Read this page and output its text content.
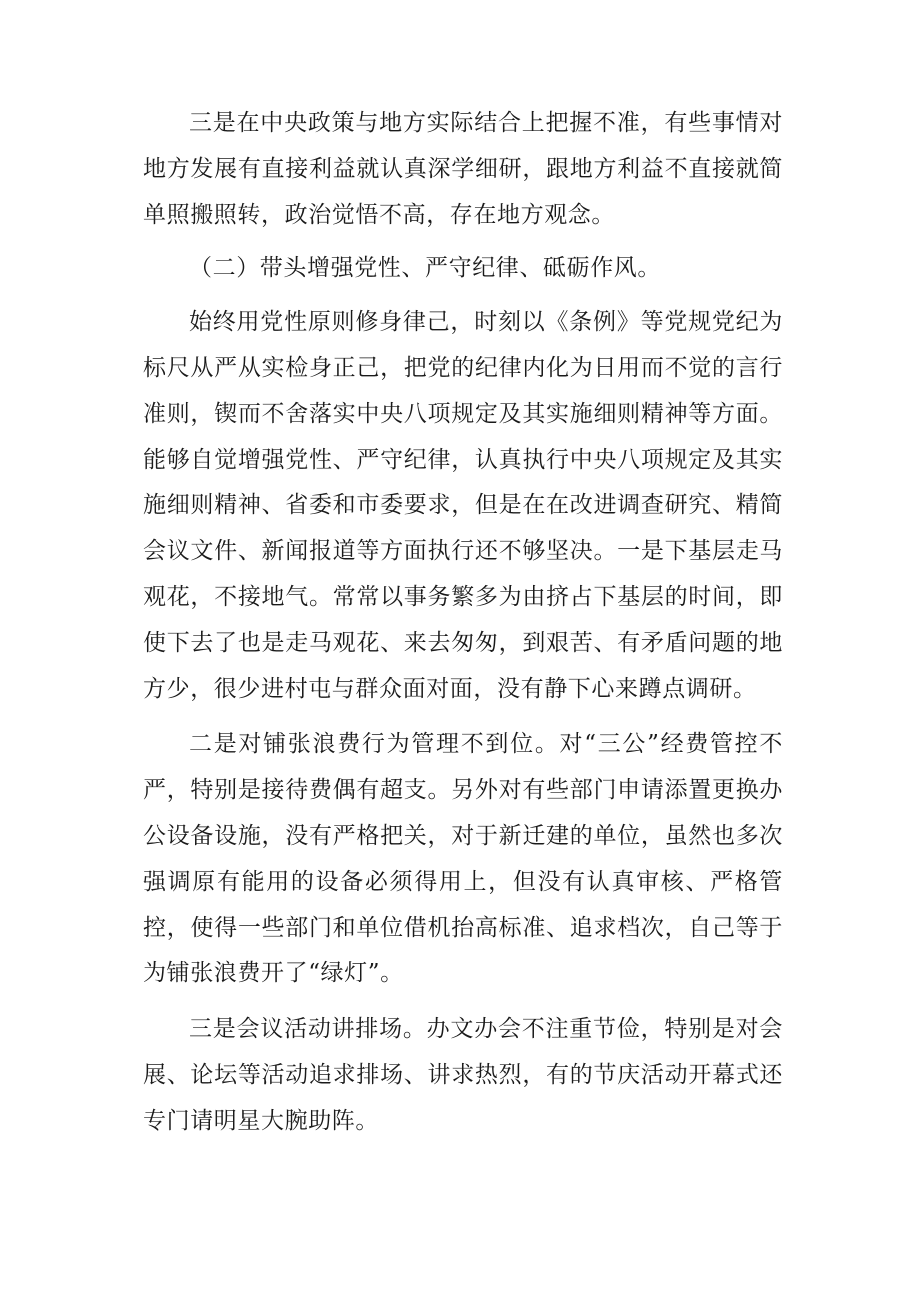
三是在中央政策与地方实际结合上把握不准，有些事情对地方发展有直接利益就认真深学细研，跟地方利益不直接就简单照搬照转，政治觉悟不高，存在地方观念。

（二）带头增强党性、严守纪律、砥砺作风。

始终用党性原则修身律己，时刻以《条例》等党规党纪为标尺从严从实检身正己，把党的纪律内化为日用而不觉的言行准则，锲而不舍落实中央八项规定及其实施细则精神等方面。能够自觉增强党性、严守纪律，认真执行中央八项规定及其实施细则精神、省委和市委要求，但是在在改进调查研究、精简会议文件、新闻报道等方面执行还不够坚决。一是下基层走马观花，不接地气。常常以事务繁多为由挤占下基层的时间，即使下去了也是走马观花、来去匆匆，到艰苦、有矛盾问题的地方少，很少进村屯与群众面对面，没有静下心来蹲点调研。

二是对铺张浪费行为管理不到位。对“三公”经费管控不严，特别是接待费偶有超支。另外对有些部门申请添置更换办公设备设施，没有严格把关，对于新迁建的单位，虽然也多次强调原有能用的设备必须得用上，但没有认真审核、严格管控，使得一些部门和单位借机抬高标准、追求档次，自己等于为铺张浪费开了“绿灯”。

三是会议活动讲排场。办文办会不注重节俭，特别是对会展、论坛等活动追求排场、讲求热烈，有的节庆活动开幕式还专门请明星大腕助阵。
